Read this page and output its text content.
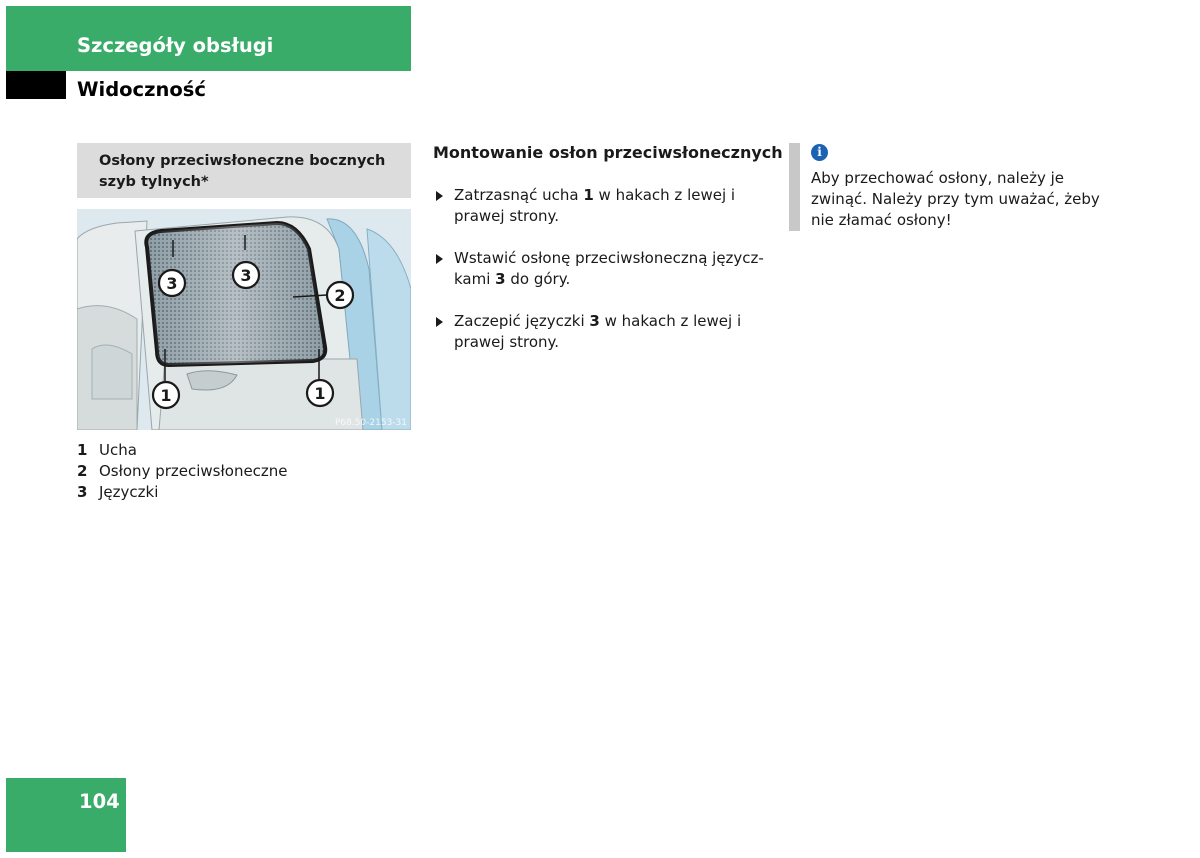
Szczegóły obsługi
Widoczność
Osłony przeciwsłoneczne bocznych szyb tylnych*
3	3
2
1	1
P68.50-2153-31
1 Ucha
2 Osłony przeciwsłoneczne
3 Języczki
Montowanie osłon przeciwsłonecznych
Zatrzasnąć ucha 1 w hakach z lewej i prawej strony.
Wstawić osłonę przeciwsłoneczną języcz-kami 3 do góry.
Zaczepić języczki 3 w hakach z lewej i prawej strony.
i
Aby przechować osłony, należy je zwinąć. Należy przy tym uważać, żeby nie złamać osłony!
104
